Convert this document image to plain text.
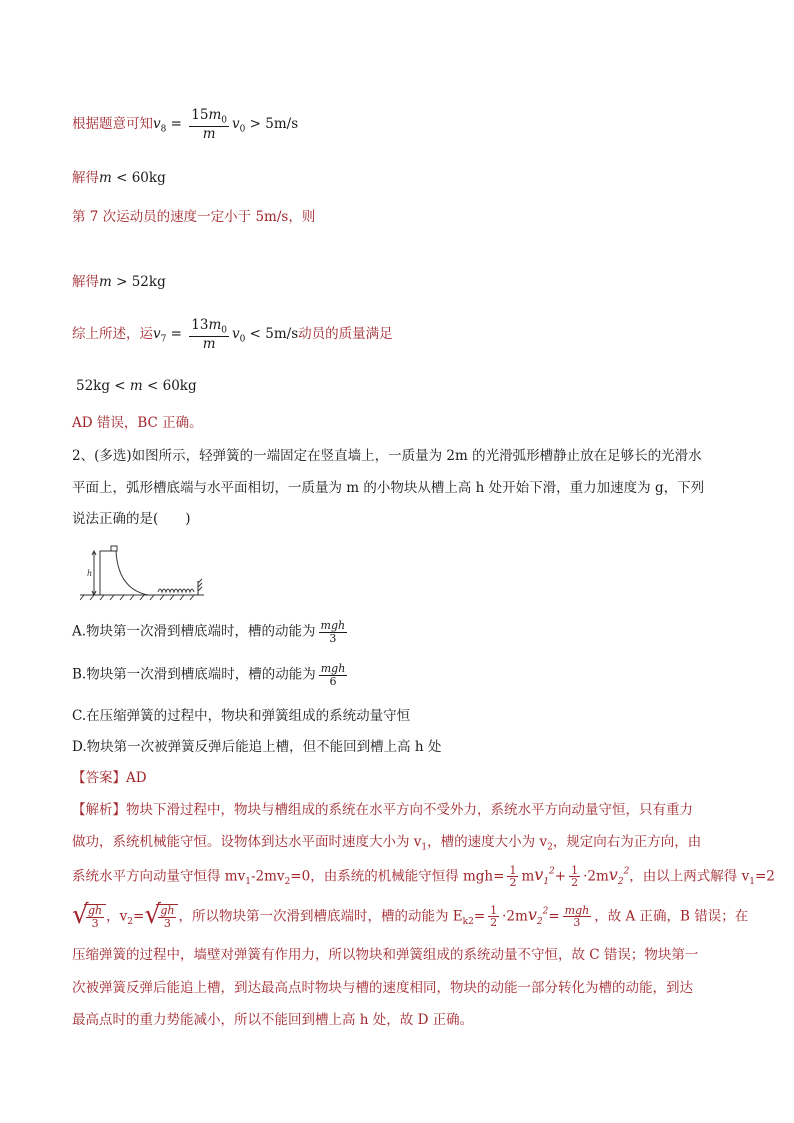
根据题意可知$v_8 = \frac{15m_0}{m} v_0 > 5m/s$
解得m < 60kg
第 7 次运动员的速度一定小于 5m/s，则
解得m > 52kg
综上所述，运$v_7 = \frac{13m_0}{m} v_0 < 5m/s$动员的质量满足
52kg < m < 60kg
AD 错误，BC 正确。
2、(多选)如图所示，轻弹簧的一端固定在竖直墙上，一质量为 2m 的光滑弧形槽静止放在足够长的光滑水
平面上，弧形槽底端与水平面相切，一质量为 m 的小物块从槽上高 h 处开始下滑，重力加速度为 g，下列
说法正确的是(　　)
h
A.物块第一次滑到槽底端时，槽的动能为 $\frac{\text{mgh}}{3}$
B.物块第一次滑到槽底端时，槽的动能为 $\frac{\text{mgh}}{6}$
C.在压缩弹簧的过程中，物块和弹簧组成的系统动量守恒
D.物块第一次被弹簧反弹后能追上槽，但不能回到槽上高 h 处
【答案】AD
【解析】物块下滑过程中，物块与槽组成的系统在水平方向不受外力，系统水平方向动量守恒，只有重力
做功，系统机械能守恒。设物体到达水平面时速度大小为 $v_1$，槽的速度大小为 $v_2$，规定向右为正方向，由
系统水平方向动量守恒得 $mv_1-2mv_2=0$，由系统的机械能守恒得 $mgh= \frac{1}{2} mv_1^2+ \frac{1}{2} \cdot 2mv_2^2$，由以上两式解得 $v_1=2$
√
$\frac{gh}{3}$ ，$v_2=$ √
$\frac{gh}{3}$ ，所以物块第一次滑到槽底端时，槽的动能为 $E_{k2}= \frac{1}{2} \cdot 2mv_2^2= \frac{\text{mgh}}{3}$ ，故 A 正确，B 错误；在
压缩弹簧的过程中，墙壁对弹簧有作用力，所以物块和弹簧组成的系统动量不守恒，故 C 错误；物块第一
次被弹簧反弹后能追上槽，到达最高点时物块与槽的速度相同，物块的动能一部分转化为槽的动能，到达
最高点时的重力势能减小，所以不能回到槽上高 h 处，故 D 正确。
